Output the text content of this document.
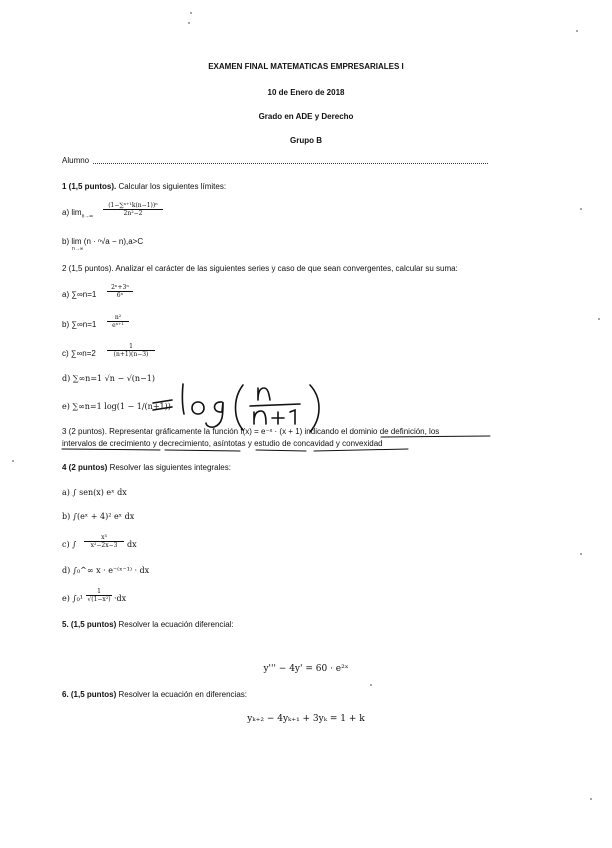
EXAMEN FINAL MATEMATICAS EMPRESARIALES I
10 de Enero de 2018
Grado en ADE y Derecho
Grupo B
Alumno
1 (1,5 puntos). Calcular los siguientes límites:
a) $\lim_{n\to\infty} \frac{\text{(1−∑ⁿ⁺¹k(n−1))ⁿ}}{\text{2n²−2}}$
b) lim (n · ⁿ√a − n),a>C
n→∞
2 (1,5 puntos). Analizar el carácter de las siguientes series y caso de que sean convergentes, calcular su suma:
a) $\sum\infty n=1 \frac{\text{2ⁿ+3ⁿ}}{\text{6ⁿ}}$
b) $\sum\infty n=1 \frac{\text{n²}}{\text{eⁿ⁺¹}}$
c) $\sum\infty n=2 \frac{1}{(n+1)(n-3)}$
d) ∑∞n=1 √n − √(n−1)
e) ∑∞n=1 log(1 − 1/(n+1))
3 (2 puntos). Representar gráficamente la función f(x) = e⁻ˣ · (x + 1) indicando el dominio de definición, los
intervalos de crecimiento y decrecimiento, asíntotas y estudio de concavidad y convexidad
4 (2 puntos) Resolver las siguientes integrales:
a) ∫ sen(x) eˣ dx
b) ∫(eˣ + 4)² eˣ dx
c) ∫ $\frac{\text{x³}}{\text{x²−2x−3}}$ dx
d) ∫₀^∞ x · e⁻⁽ˣ⁻¹⁾ · dx
e) $\int_0^1 \frac{1}{\text{√(1−x²)}} \cdot dx$
5. (1,5 puntos) Resolver la ecuación diferencial:
y''' − 4y' = 60 · e²ˣ
6. (1,5 puntos) Resolver la ecuación en diferencias:
yₖ₊₂ − 4yₖ₊₁ + 3yₖ = 1 + k
